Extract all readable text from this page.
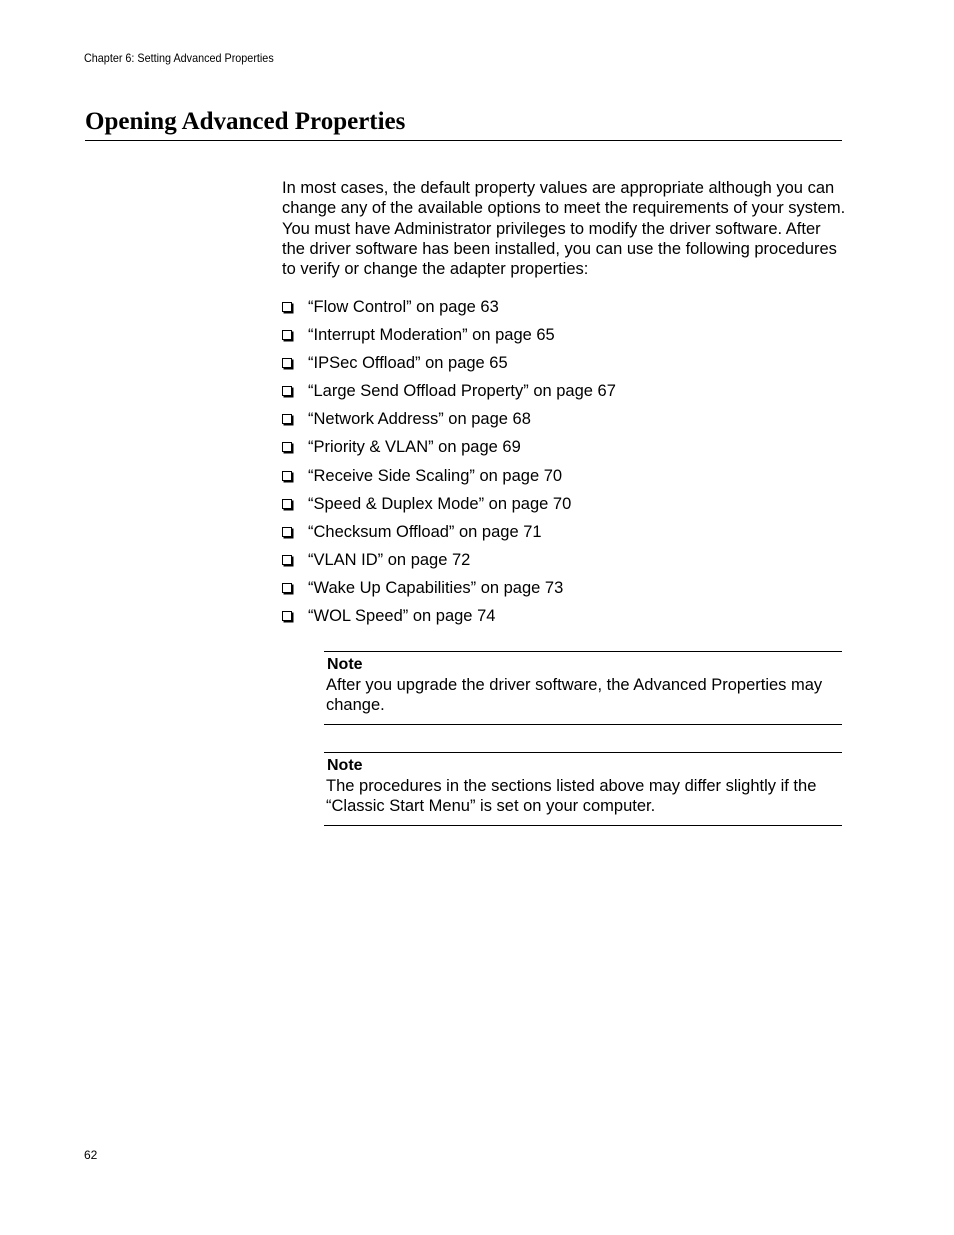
Chapter 6: Setting Advanced Properties
Opening Advanced Properties

In most cases, the default property values are appropriate although you can change any of the available options to meet the requirements of your system. You must have Administrator privileges to modify the driver software. After the driver software has been installed, you can use the following procedures to verify or change the adapter properties:

“Flow Control” on page 63
“Interrupt Moderation” on page 65
“IPSec Offload” on page 65
“Large Send Offload Property” on page 67
“Network Address” on page 68
“Priority & VLAN” on page 69
“Receive Side Scaling” on page 70
“Speed & Duplex Mode” on page 70
“Checksum Offload” on page 71
“VLAN ID” on page 72
“Wake Up Capabilities” on page 73
“WOL Speed” on page 74
Note

After you upgrade the driver software, the Advanced Properties may change.

Note

The procedures in the sections listed above may differ slightly if the “Classic Start Menu” is set on your computer.

62
